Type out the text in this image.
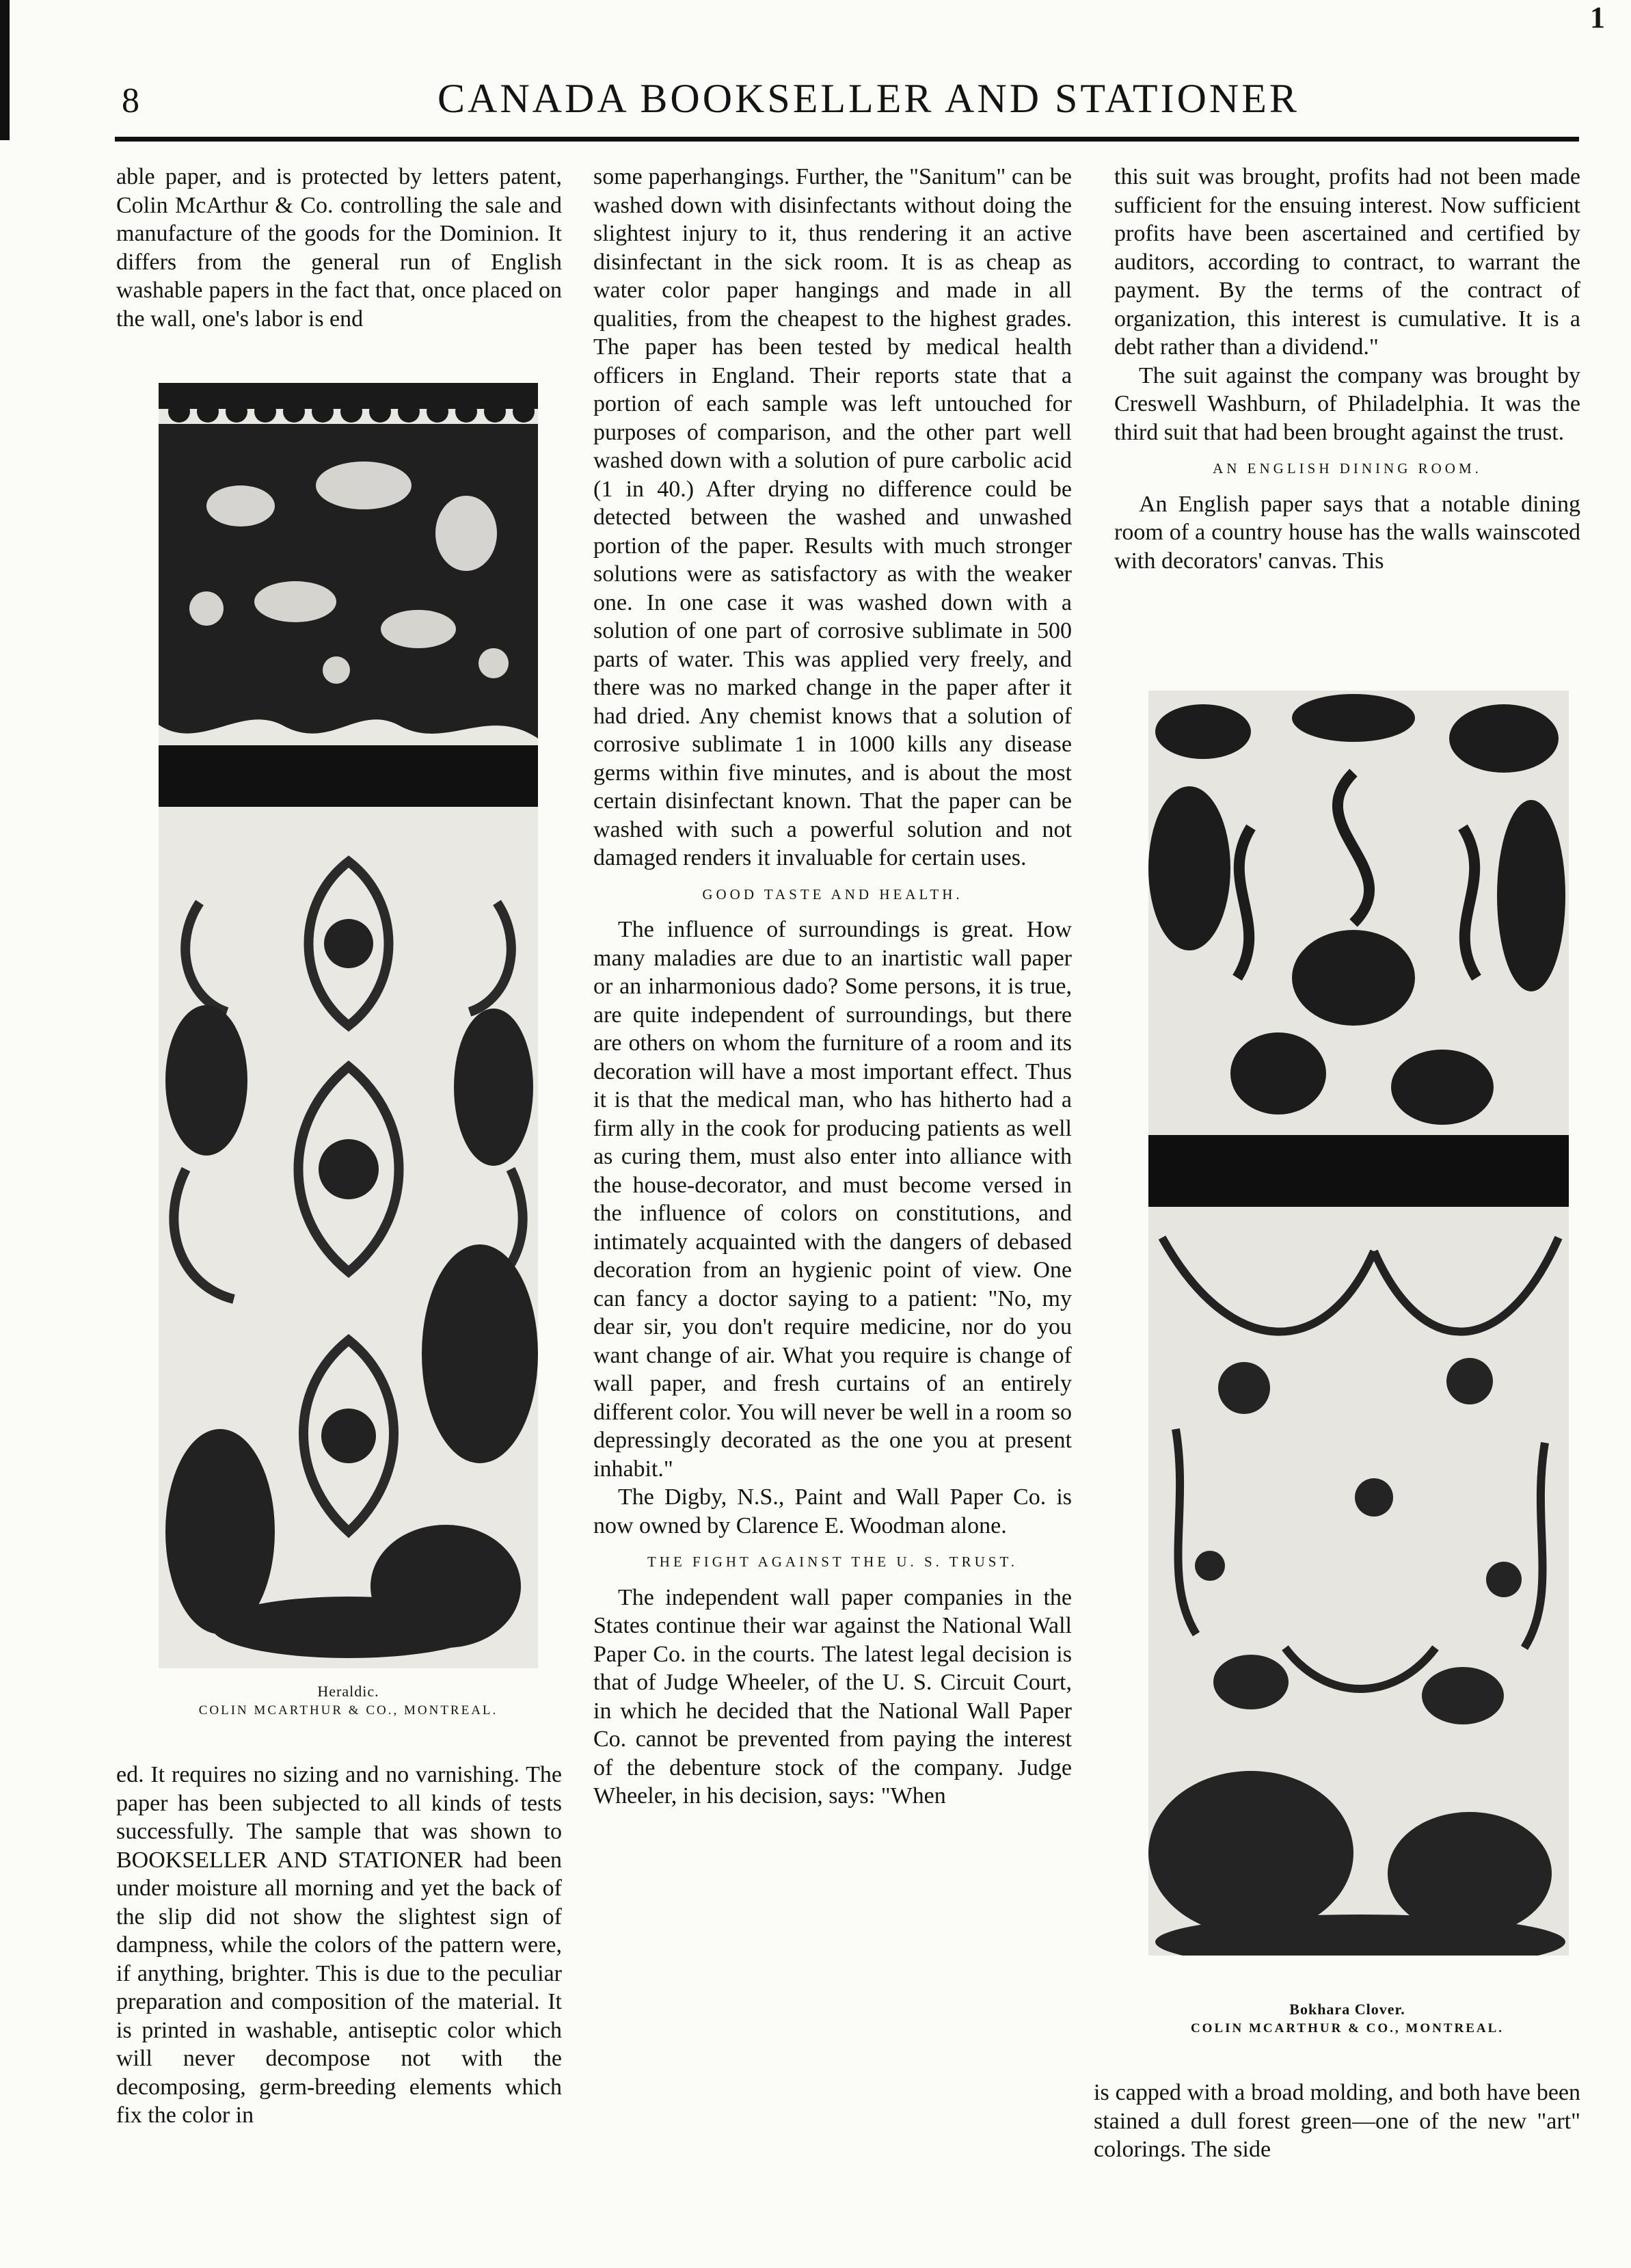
1
8	CANADA BOOKSELLER AND STATIONER

able paper, and is protected by letters patent, Colin McArthur & Co. controlling the sale and manufacture of the goods for the Dominion. It differs from the general run of English washable papers in the fact that, once placed on the wall, one's labor is end

Heraldic.
COLIN MCARTHUR & CO., MONTREAL.

ed. It requires no sizing and no varnishing. The paper has been subjected to all kinds of tests successfully. The sample that was shown to BOOKSELLER AND STATIONER had been under moisture all morning and yet the back of the slip did not show the slightest sign of dampness, while the colors of the pattern were, if anything, brighter. This is due to the peculiar preparation and composition of the material. It is printed in washable, antiseptic color which will never decompose not with the decomposing, germ-breeding elements which fix the color in

some paperhangings. Further, the "Sanitum" can be washed down with disinfectants without doing the slightest injury to it, thus rendering it an active disinfectant in the sick room. It is as cheap as water color paper hangings and made in all qualities, from the cheapest to the highest grades. The paper has been tested by medical health officers in England. Their reports state that a portion of each sample was left untouched for purposes of comparison, and the other part well washed down with a solution of pure carbolic acid (1 in 40.) After drying no difference could be detected between the washed and unwashed portion of the paper. Results with much stronger solutions were as satisfactory as with the weaker one. In one case it was washed down with a solution of one part of corrosive sublimate in 500 parts of water. This was applied very freely, and there was no marked change in the paper after it had dried. Any chemist knows that a solution of corrosive sublimate 1 in 1000 kills any disease germs within five minutes, and is about the most certain disinfectant known. That the paper can be washed with such a powerful solution and not damaged renders it invaluable for certain uses.

GOOD TASTE AND HEALTH.

The influence of surroundings is great. How many maladies are due to an inartistic wall paper or an inharmonious dado? Some persons, it is true, are quite independent of surroundings, but there are others on whom the furniture of a room and its decoration will have a most important effect. Thus it is that the medical man, who has hitherto had a firm ally in the cook for producing patients as well as curing them, must also enter into alliance with the house-decorator, and must become versed in the influence of colors on constitutions, and intimately acquainted with the dangers of debased decoration from an hygienic point of view. One can fancy a doctor saying to a patient: "No, my dear sir, you don't require medicine, nor do you want change of air. What you require is change of wall paper, and fresh curtains of an entirely different color. You will never be well in a room so depressingly decorated as the one you at present inhabit."

The Digby, N.S., Paint and Wall Paper Co. is now owned by Clarence E. Woodman alone.

THE FIGHT AGAINST THE U. S. TRUST.

The independent wall paper companies in the States continue their war against the National Wall Paper Co. in the courts. The latest legal decision is that of Judge Wheeler, of the U. S. Circuit Court, in which he decided that the National Wall Paper Co. cannot be prevented from paying the interest of the debenture stock of the company. Judge Wheeler, in his decision, says: "When

this suit was brought, profits had not been made sufficient for the ensuing interest. Now sufficient profits have been ascertained and certified by auditors, according to contract, to warrant the payment. By the terms of the contract of organization, this interest is cumulative. It is a debt rather than a dividend."

The suit against the company was brought by Creswell Washburn, of Philadelphia. It was the third suit that had been brought against the trust.

AN ENGLISH DINING ROOM.

An English paper says that a notable dining room of a country house has the walls wainscoted with decorators' canvas. This

Bokhara Clover.
COLIN MCARTHUR & CO., MONTREAL.

is capped with a broad molding, and both have been stained a dull forest green—one of the new "art" colorings. The side
